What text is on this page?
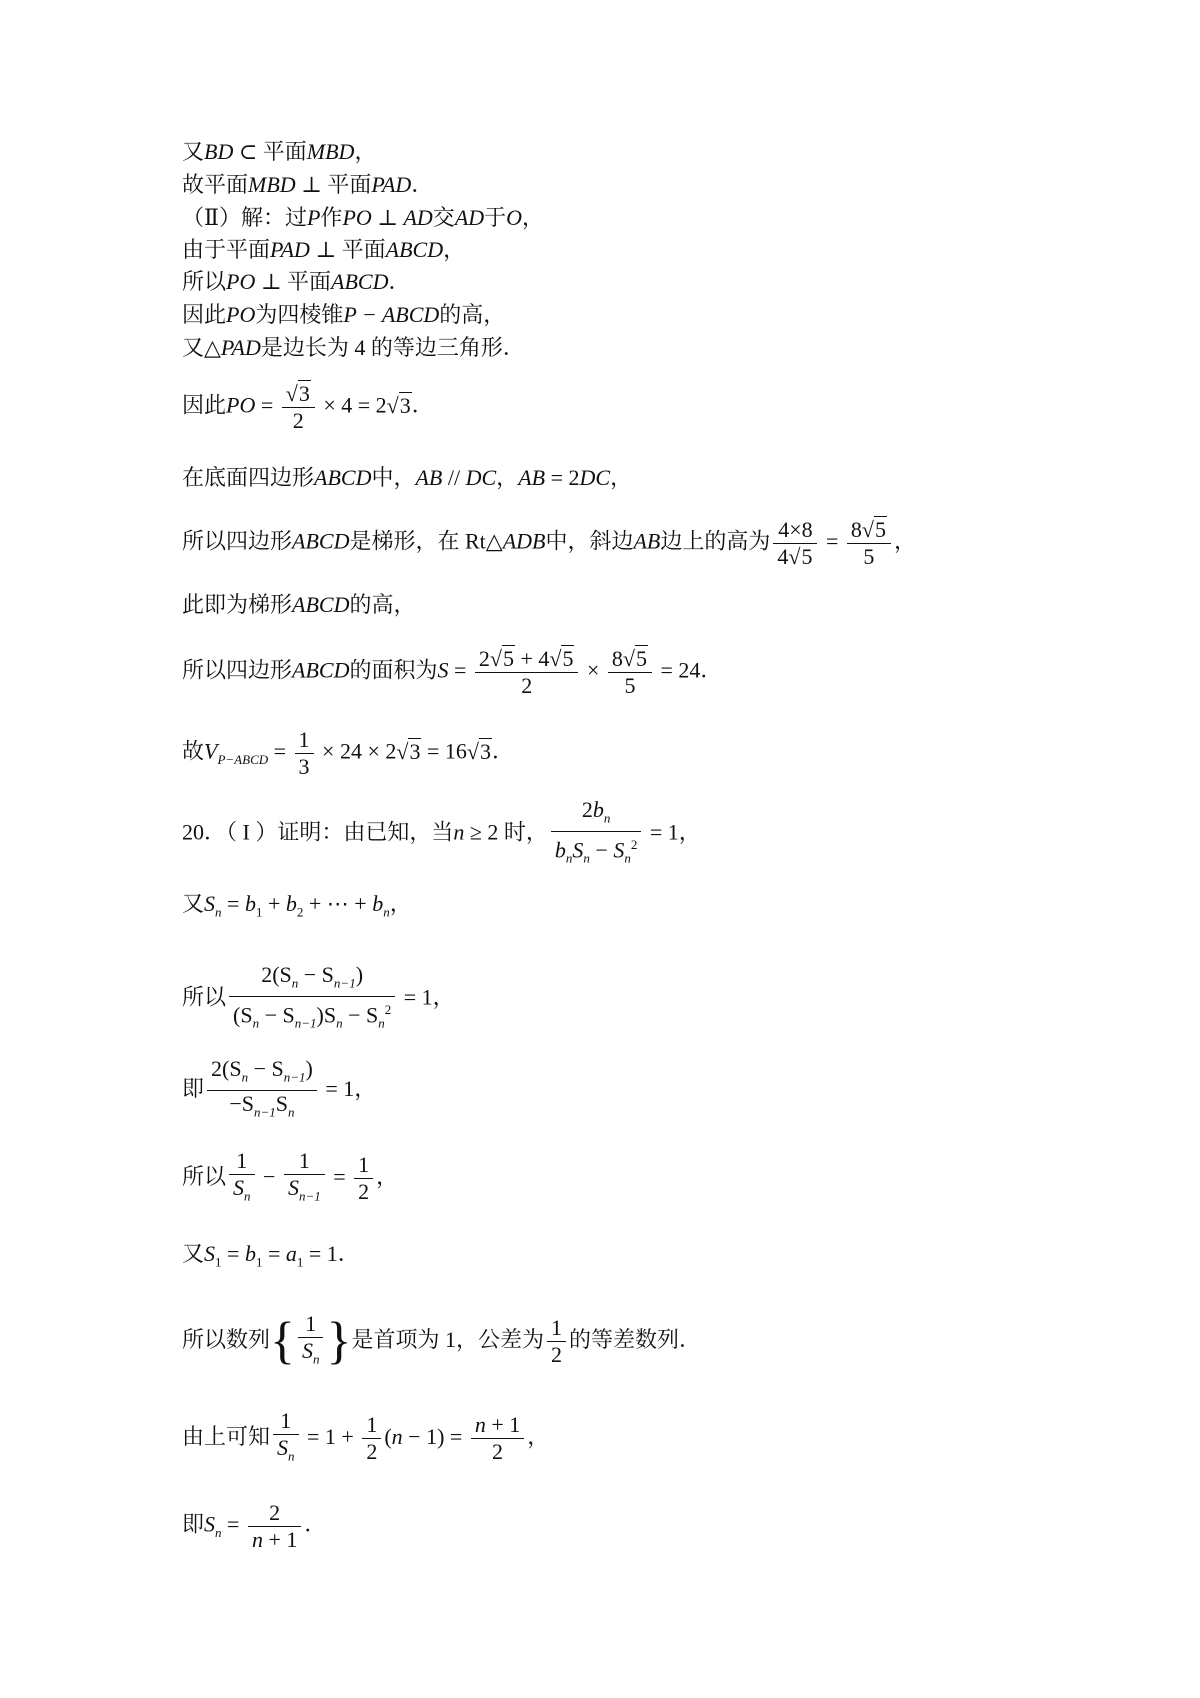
又BD ⊂ 平面MBD，
故平面MBD ⊥ 平面PAD．
（Ⅱ）解：过P作PO ⊥ AD交AD于O，
由于平面PAD ⊥ 平面ABCD，
所以PO ⊥ 平面ABCD．
因此PO为四棱锥P − ABCD的高，
又△PAD是边长为 4 的等边三角形．
因此PO = $\frac{√3}{2} \times 4 = 2√3$．
在底面四边形ABCD中，AB // DC，AB = 2DC，
所以四边形ABCD是梯形，在 Rt△ADB中，斜边AB边上的高为 $\frac{4\times 8}{4√5} = \frac{8√5}{5}$ ，
此即为梯形ABCD的高，
所以四边形ABCD的面积为$S = \frac{2√5 + 4√5}{2} \times \frac{8√5}{5} = 24$．
故$V_{P-ABCD} = \frac{1}{3} \times 24 \times 2√3 = 16√3$．
20．（ I ）证明：由已知，当n ≥ 2 时， $\frac{2b_n}{b_nS_n - S_n^2} = 1$，
又$S_n = b_1 + b_2$ + ⋯ + $b_n$，
所以 $\frac{2(S_n - S_{n-1})}{(S_n - S_{n-1})S_n - S_n^2} = 1$，
即 $\frac{2(S_n - S_{n-1})}{-S_{n-1}S_n} = 1$，
所以 $\frac{1}{S_n} - \frac{1}{S_{n-1}} = \frac{1}{2}$ ，
又$S_1 = b_1 = a_1 = 1$．
所以数列{ $\frac{1}{S_n}$ }是首项为 1，公差为 $\frac{1}{2}$ 的等差数列．
由上可知 $\frac{1}{S_n} = 1 + \frac{1}{2} (n - 1) = \frac{n + 1}{2}$ ，
即$S_n = \frac{2}{n + 1}$ ．
